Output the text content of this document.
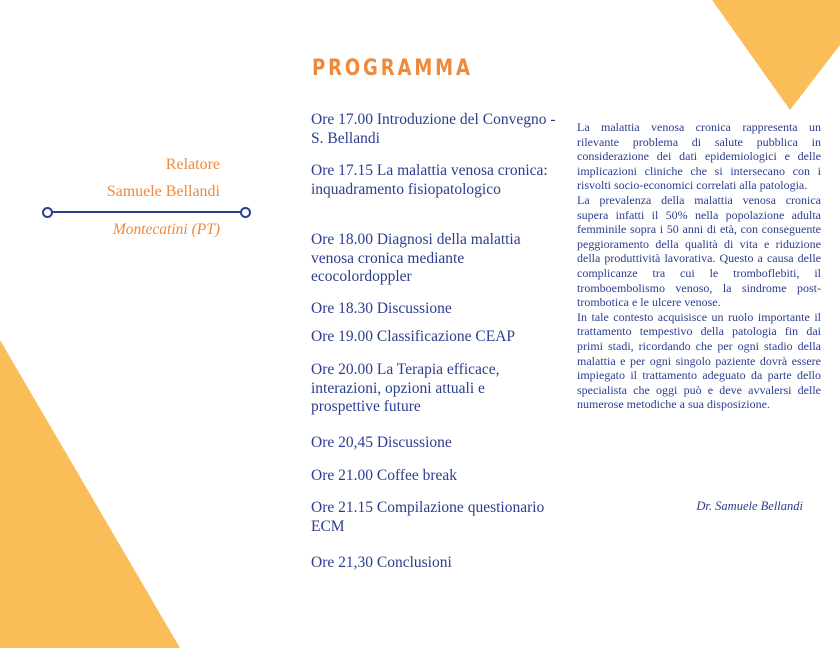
PROGRAMMA
Relatore
Samuele Bellandi
Montecatini (PT)
Ore 17.00 Introduzione del Convegno - S. Bellandi
Ore 17.15 La malattia venosa cronica: inquadramento fisiopatologico
Ore 18.00 Diagnosi della malattia venosa cronica mediante ecocolordoppler
Ore 18.30 Discussione
Ore 19.00 Classificazione CEAP
Ore 20.00 La Terapia efficace, interazioni, opzioni attuali e prospettive future
Ore 20,45 Discussione
Ore 21.00 Coffee break
Ore 21.15 Compilazione questionario ECM
Ore 21,30 Conclusioni

La malattia venosa cronica rappresenta un rilevante problema di salute pubblica in considerazione dei dati epidemiologici e delle implicazioni cliniche che si intersecano con i risvolti socio-economici correlati alla patologia.

La prevalenza della malattia venosa cronica supera infatti il 50% nella popolazione adulta femminile sopra i 50 anni di età, con conseguente peggioramento della qualità di vita e riduzione della produttività lavorativa. Questo a causa delle complicanze tra cui le tromboflebiti, il tromboembolismo venoso, la sindrome post-trombotica e le ulcere venose.

In tale contesto acquisisce un ruolo importante il trattamento tempestivo della patologia fin dai primi stadi, ricordando che per ogni stadio della malattia e per ogni singolo paziente dovrà essere impiegato il trattamento adeguato da parte dello specialista che oggi può e deve avvalersi delle numerose metodiche a sua disposizione.

Dr. Samuele Bellandi
